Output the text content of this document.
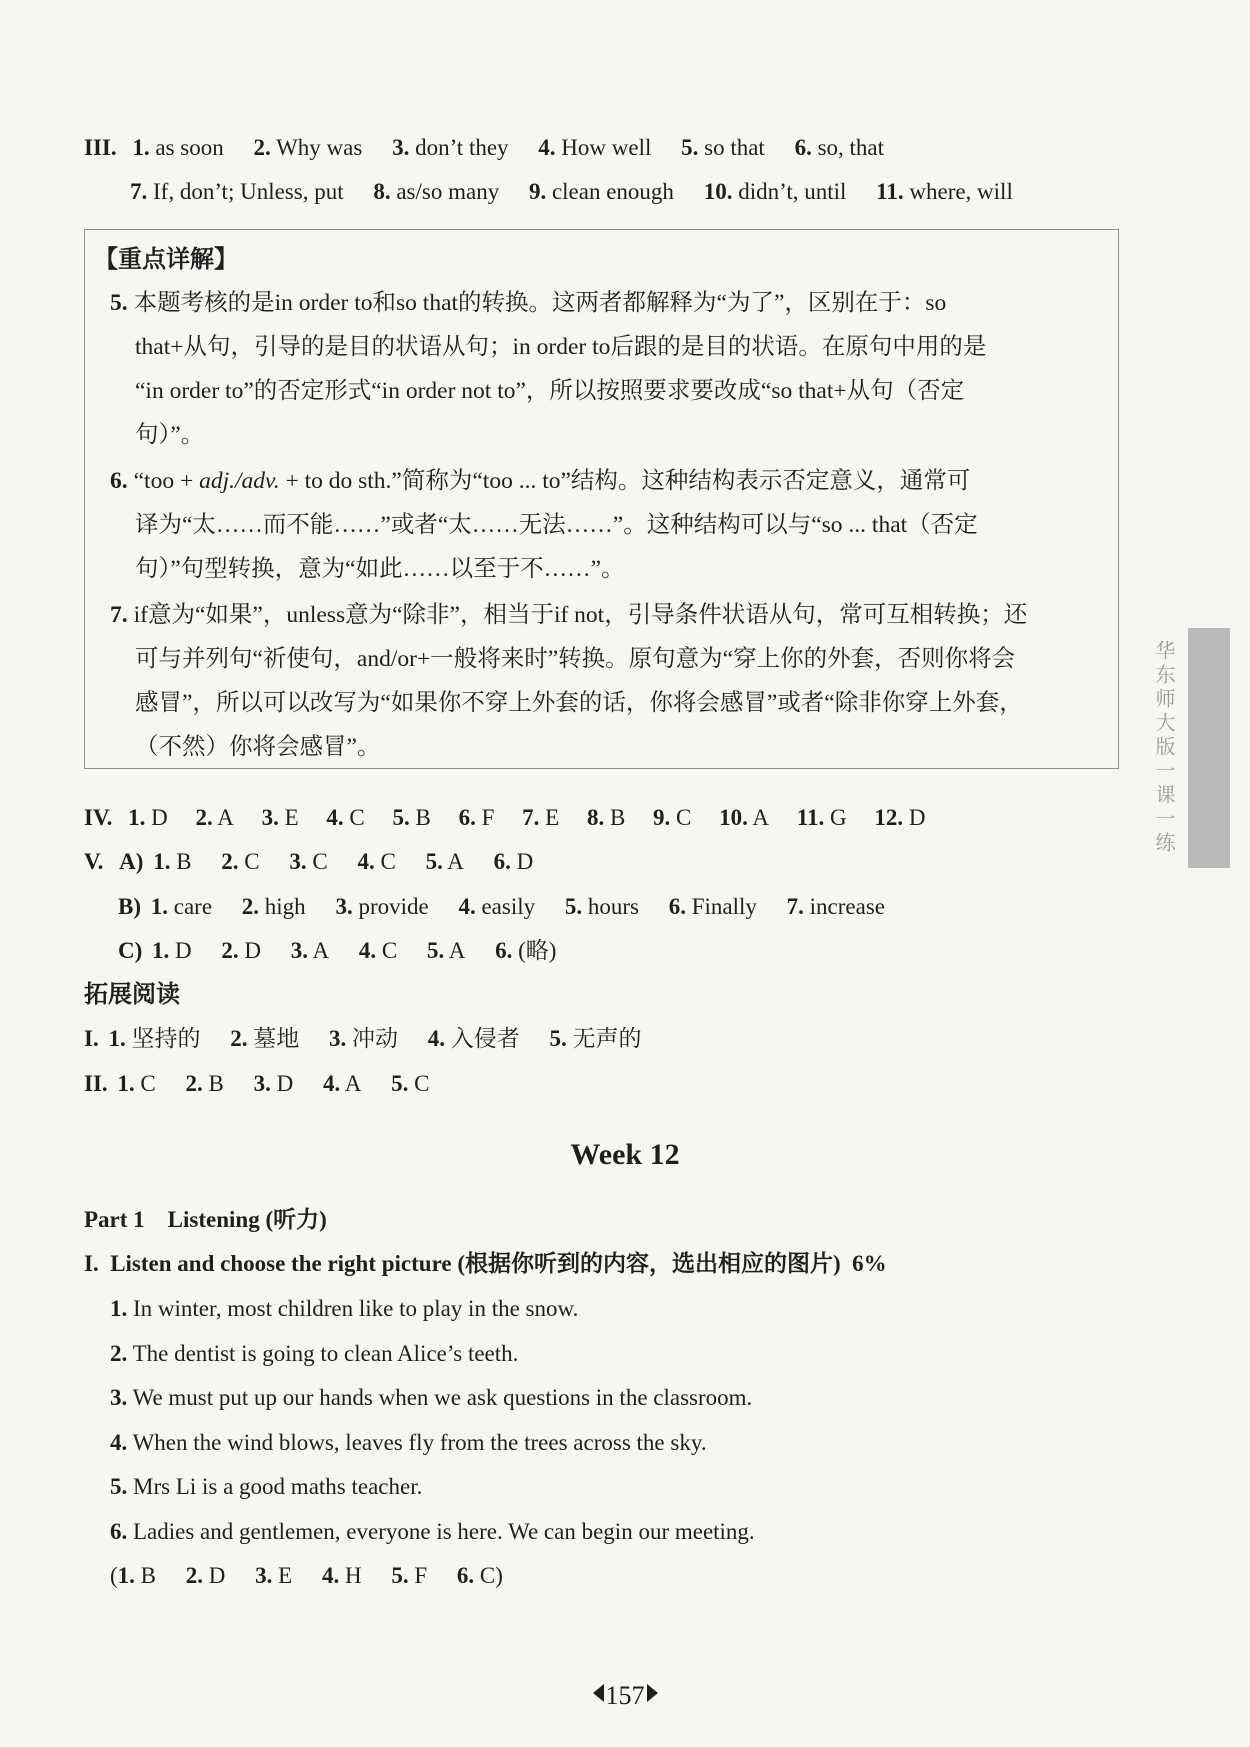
III. 1. as soon 2. Why was 3. don’t they 4. How well 5. so that 6. so, that
7. If, don’t; Unless, put 8. as/so many 9. clean enough 10. didn’t, until 11. where, will
【重点详解】
5. 本题考核的是in order to和so that的转换。这两者都解释为“为了”，区别在于：so
that+从句，引导的是目的状语从句；in order to后跟的是目的状语。在原句中用的是
“in order to”的否定形式“in order not to”，所以按照要求要改成“so that+从句（否定
句）”。
6. “too + adj./adv. + to do sth.”简称为“too ... to”结构。这种结构表示否定意义，通常可
译为“太……而不能……”或者“太……无法……”。这种结构可以与“so ... that（否定
句）”句型转换，意为“如此……以至于不……”。
7. if意为“如果”，unless意为“除非”，相当于if not，引导条件状语从句，常可互相转换；还
可与并列句“祈使句，and/or+一般将来时”转换。原句意为“穿上你的外套，否则你将会
感冒”，所以可以改写为“如果你不穿上外套的话，你将会感冒”或者“除非你穿上外套，
（不然）你将会感冒”。
IV. 1. D 2. A 3. E 4. C 5. B 6. F 7. E 8. B 9. C 10. A 11. G 12. D
V. A) 1. B 2. C 3. C 4. C 5. A 6. D
B) 1. care 2. high 3. provide 4. easily 5. hours 6. Finally 7. increase
C) 1. D 2. D 3. A 4. C 5. A 6. (略)
拓展阅读
I. 1. 坚持的 2. 墓地 3. 冲动 4. 入侵者 5. 无声的
II. 1. C 2. B 3. D 4. A 5. C
Week 12
Part 1    Listening (听力)
I.  Listen and choose the right picture (根据你听到的内容，选出相应的图片)  6%
1. In winter, most children like to play in the snow.
2. The dentist is going to clean Alice’s teeth.
3. We must put up our hands when we ask questions in the classroom.
4. When the wind blows, leaves fly from the trees across the sky.
5. Mrs Li is a good maths teacher.
6. Ladies and gentlemen, everyone is here. We can begin our meeting.
(1. B 2. D 3. E 4. H 5. F 6. C)
华东师大版一课一练
157
